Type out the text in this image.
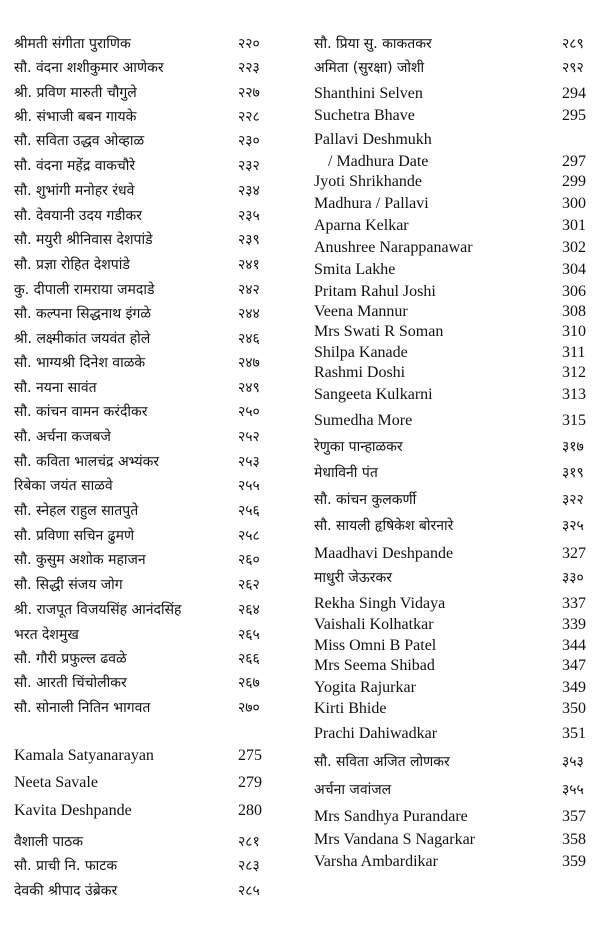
श्रीमती संगीता पुराणिक	२२०
सौ. वंदना शशीकुमार आणेकर	२२३
श्री. प्रविण मारुती चौगुले	२२७
श्री. संभाजी बबन गायके	२२८
सौ. सविता उद्धव ओव्हाळ	२३०
सौ. वंदना महेंद्र वाकचौरे	२३२
सौ. शुभांगी मनोहर रंधवे	२३४
सौ. देवयानी उदय गडीकर	२३५
सौ. मयुरी श्रीनिवास देशपांडे	२३९
सौ. प्रज्ञा रोहित देशपांडे	२४१
कु. दीपाली रामराया जमदाडे	२४२
सौ. कल्पना सिद्धनाथ इंगळे	२४४
श्री. लक्ष्मीकांत जयवंत होले	२४६
सौ. भाग्यश्री दिनेश वाळके	२४७
सौ. नयना सावंत	२४९
सौ. कांचन वामन करंदीकर	२५०
सौ. अर्चना कजबजे	२५२
सौ. कविता भालचंद्र अभ्यंकर	२५३
रिबेका जयंत साळवे	२५५
सौ. स्नेहल राहुल सातपुते	२५६
सौ. प्रविणा सचिन ढुमणे	२५८
सौ. कुसुम अशोक महाजन	२६०
सौ. सिद्धी संजय जोग	२६२
श्री. राजपूत विजयसिंह आनंदसिंह	२६४
भरत देशमुख	२६५
सौ. गौरी प्रफुल्ल ढवळे	२६६
सौ. आरती चिंचोलीकर	२६७
सौ. सोनाली नितिन भागवत	२७०
Kamala Satyanarayan	275
Neeta Savale	279
Kavita Deshpande	280
वैशाली पाठक	२८१
सौ. प्राची नि. फाटक	२८३
देवकी श्रीपाद उंब्रेकर	२८५
सौ. प्रिया सु. काकतकर	२८९
अमिता (सुरक्षा) जोशी	२९२
Shanthini Selven	294
Suchetra Bhave	295
Pallavi Deshmukh
/ Madhura Date	297
Jyoti Shrikhande	299
Madhura / Pallavi	300
Aparna Kelkar	301
Anushree Narappanawar	302
Smita Lakhe	304
Pritam Rahul Joshi	306
Veena Mannur	308
Mrs Swati R Soman	310
Shilpa Kanade	311
Rashmi Doshi	312
Sangeeta Kulkarni	313
Sumedha More	315
रेणुका पान्हाळकर	३१७
मेधाविनी पंत	३१९
सौ. कांचन कुलकर्णी	३२२
सौ. सायली हृषिकेश बोरनारे	३२५
Maadhavi Deshpande	327
माधुरी जेऊरकर	३३०
Rekha Singh Vidaya	337
Vaishali Kolhatkar	339
Miss Omni B Patel	344
Mrs Seema Shibad	347
Yogita Rajurkar	349
Kirti Bhide	350
Prachi Dahiwadkar	351
सौ. सविता अजित लोणकर	३५३
अर्चना जवांजल	३५५
Mrs Sandhya Purandare	357
Mrs Vandana S Nagarkar	358
Varsha Ambardikar	359
